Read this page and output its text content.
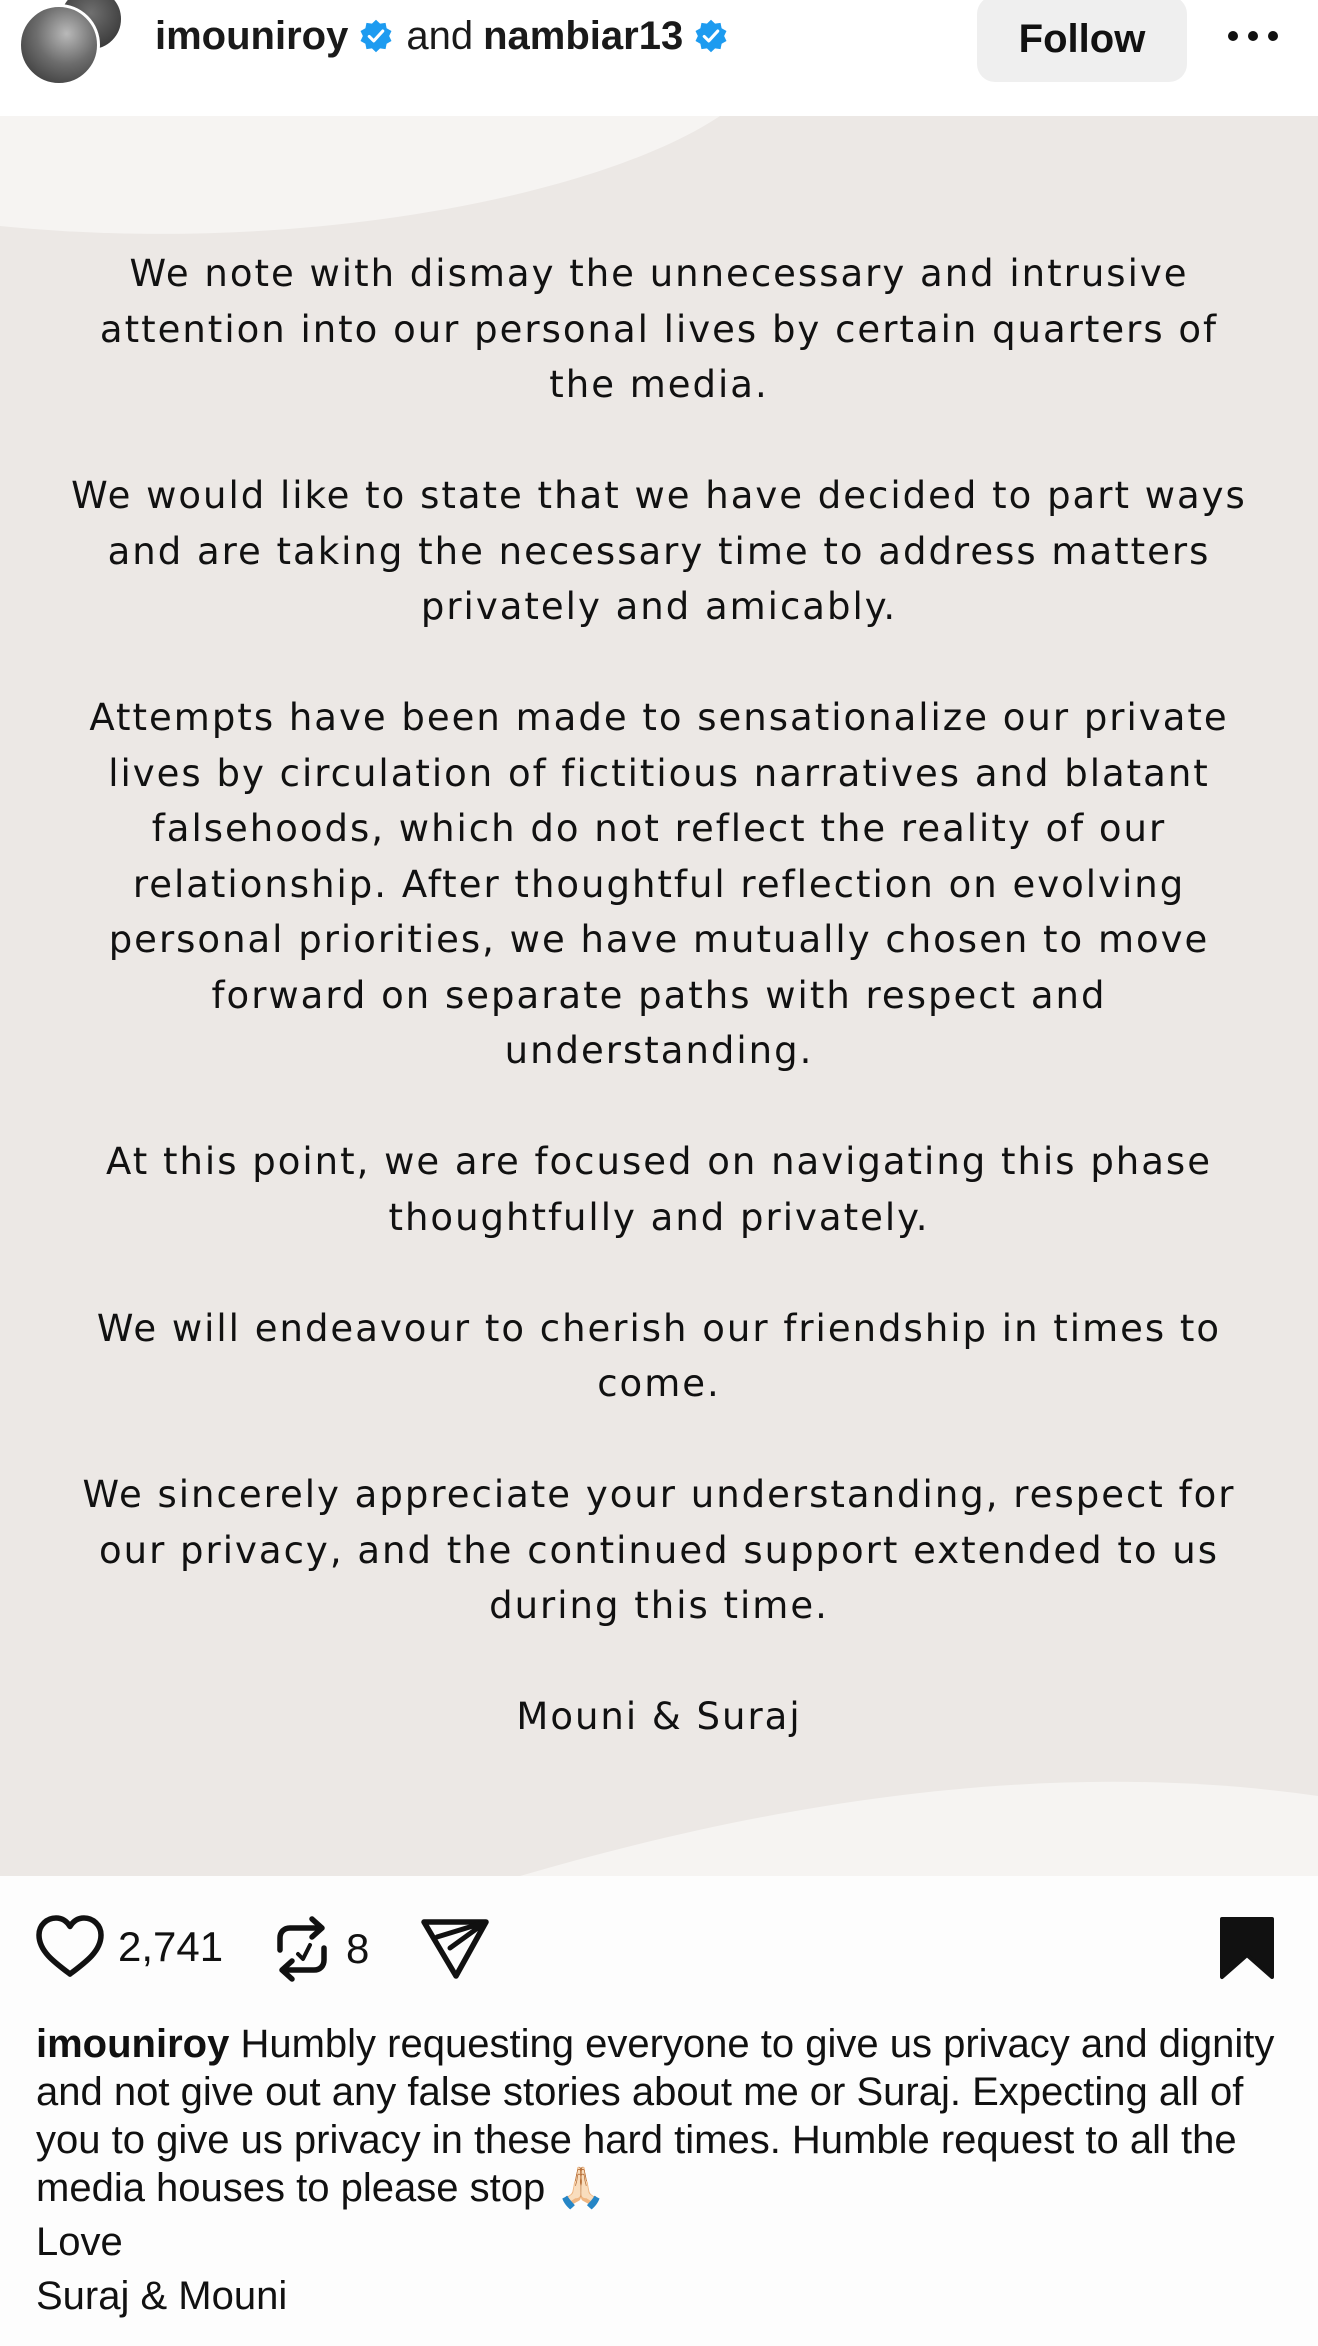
imouniroy and nambiar13	Follow

We note with dismay the unnecessary and intrusive attention into our personal lives by certain quarters of the media.

We would like to state that we have decided to part ways and are taking the necessary time to address matters privately and amicably.

Attempts have been made to sensationalize our private lives by circulation of fictitious narratives and blatant falsehoods, which do not reflect the reality of our relationship. After thoughtful reflection on evolving personal priorities, we have mutually chosen to move forward on separate paths with respect and understanding.

At this point, we are focused on navigating this phase thoughtfully and privately.

We will endeavour to cherish our friendship in times to come.

We sincerely appreciate your understanding, respect for our privacy, and the continued support extended to us during this time.

Mouni & Suraj

2,741	8
imouniroy Humbly requesting everyone to give us privacy and dignity and not give out any false stories about me or Suraj. Expecting all of you to give us privacy in these hard times. Humble request to all the media houses to please stop 🙏🏻
Love
Suraj & Mouni
